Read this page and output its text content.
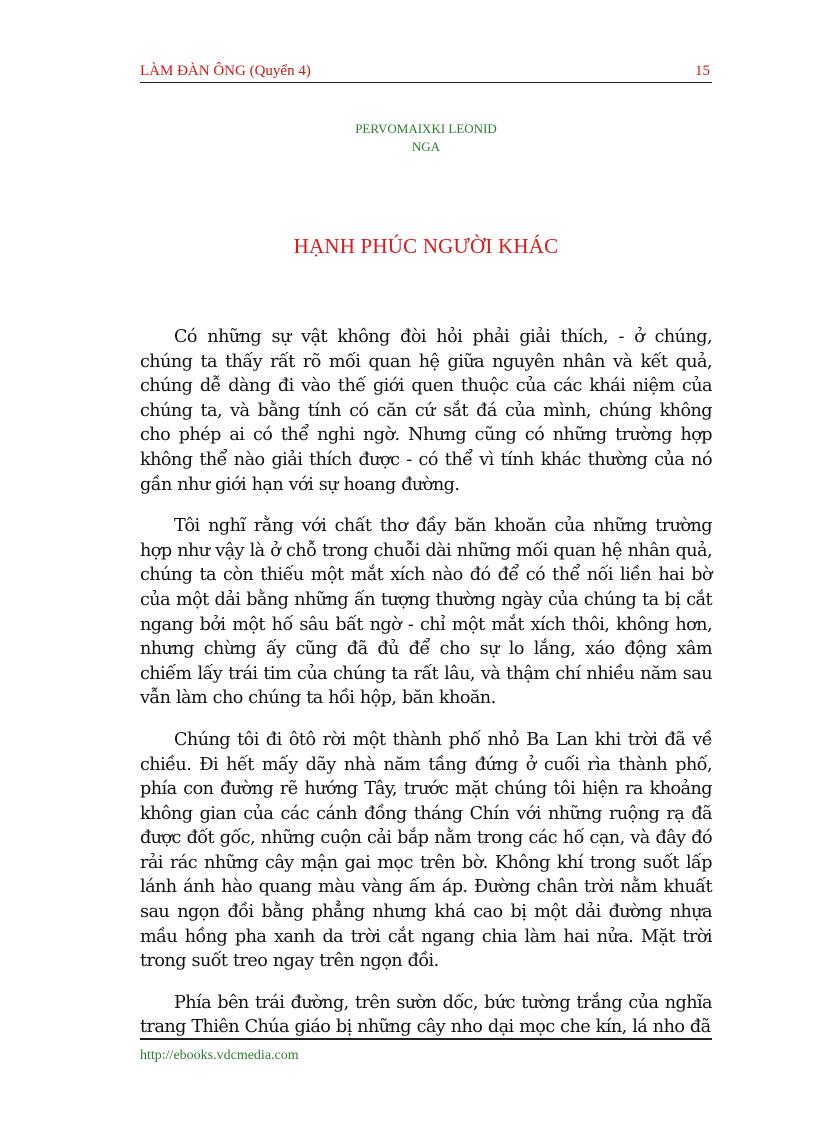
LÀM ĐÀN ÔNG (Quyển 4)	15
PERVOMAIXKI LEONID
NGA
HẠNH PHÚC NGƯỜI KHÁC

Có những sự vật không đòi hỏi phải giải thích, - ở chúng, chúng ta thấy rất rõ mối quan hệ giữa nguyên nhân và kết quả, chúng dễ dàng đi vào thế giới quen thuộc của các khái niệm của chúng ta, và bằng tính có căn cứ sắt đá của mình, chúng không cho phép ai có thể nghi ngờ. Nhưng cũng có những trường hợp không thể nào giải thích được - có thể vì tính khác thường của nó gần như giới hạn với sự hoang đường.

Tôi nghĩ rằng với chất thơ đầy băn khoăn của những trường hợp như vậy là ở chỗ trong chuỗi dài những mối quan hệ nhân quả, chúng ta còn thiếu một mắt xích nào đó để có thể nối liền hai bờ của một dải bằng những ấn tượng thường ngày của chúng ta bị cắt ngang bởi một hố sâu bất ngờ - chỉ một mắt xích thôi, không hơn, nhưng chừng ấy cũng đã đủ để cho sự lo lắng, xáo động xâm chiếm lấy trái tim của chúng ta rất lâu, và thậm chí nhiều năm sau vẫn làm cho chúng ta hồi hộp, băn khoăn.

Chúng tôi đi ôtô rời một thành phố nhỏ Ba Lan khi trời đã về chiều. Đi hết mấy dãy nhà năm tầng đứng ở cuối rìa thành phố, phía con đường rẽ hướng Tây, trước mặt chúng tôi hiện ra khoảng không gian của các cánh đồng tháng Chín với những ruộng rạ đã được đốt gốc, những cuộn cải bắp nằm trong các hố cạn, và đây đó rải rác những cây mận gai mọc trên bờ. Không khí trong suốt lấp lánh ánh hào quang màu vàng ấm áp. Đường chân trời nằm khuất sau ngọn đồi bằng phẳng nhưng khá cao bị một dải đường nhựa mầu hồng pha xanh da trời cắt ngang chia làm hai nửa. Mặt trời trong suốt treo ngay trên ngọn đồi.

Phía bên trái đường, trên sườn dốc, bức tường trắng của nghĩa trang Thiên Chúa giáo bị những cây nho dại mọc che kín, lá nho đã

http://ebooks.vdcmedia.com
